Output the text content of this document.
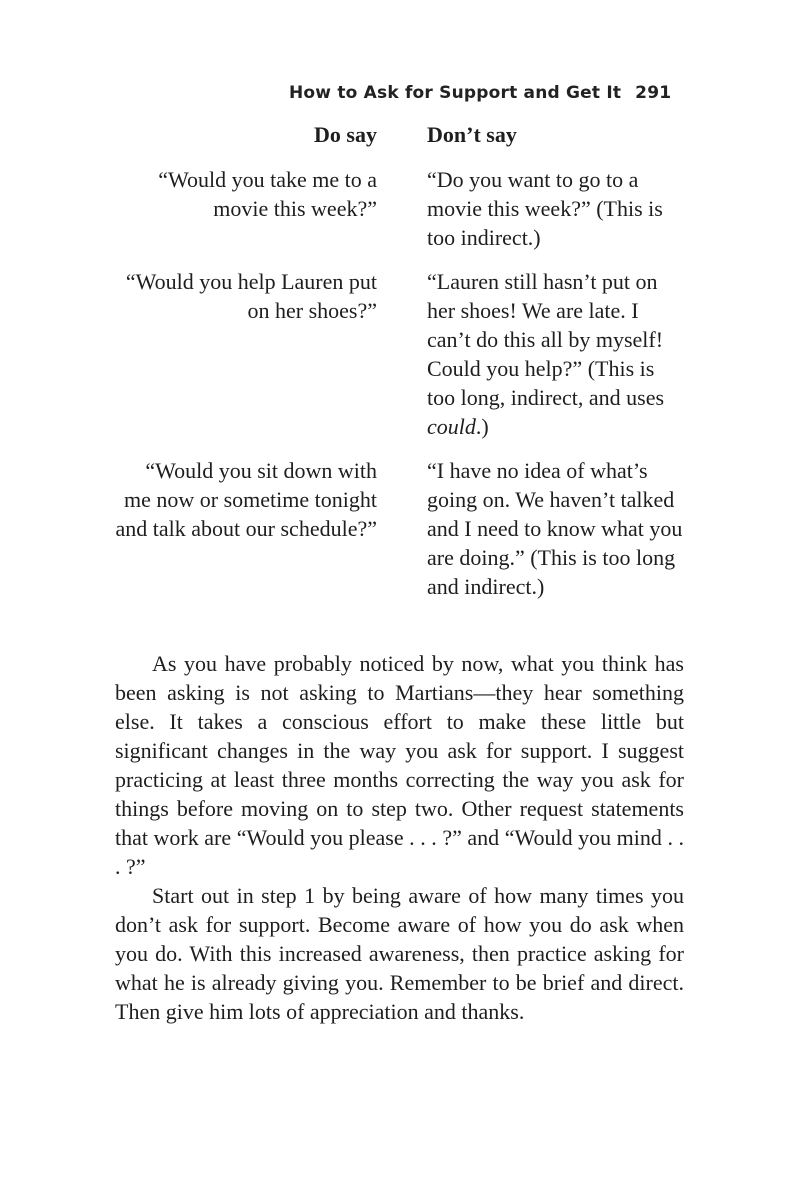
How to Ask for Support and Get It 291
Do say Don’t say
“Would you take me to a movie this week?”
“Do you want to go to a movie this week?” (This is too indirect.)
“Would you help Lauren put on her shoes?”
“Lauren still hasn’t put on her shoes! We are late. I can’t do this all by myself! Could you help?” (This is too long, indirect, and uses could.)
“Would you sit down with me now or sometime tonight and talk about our schedule?”
“I have no idea of what’s going on. We haven’t talked and I need to know what you are doing.” (This is too long and indirect.)

As you have probably noticed by now, what you think has been asking is not asking to Martians—they hear something else. It takes a conscious effort to make these little but significant changes in the way you ask for support. I suggest practicing at least three months correcting the way you ask for things before moving on to step two. Other request statements that work are “Would you please . . . ?” and “Would you mind . . . ?”

Start out in step 1 by being aware of how many times you don’t ask for support. Become aware of how you do ask when you do. With this increased awareness, then practice asking for what he is already giving you. Remember to be brief and direct. Then give him lots of appreciation and thanks.
